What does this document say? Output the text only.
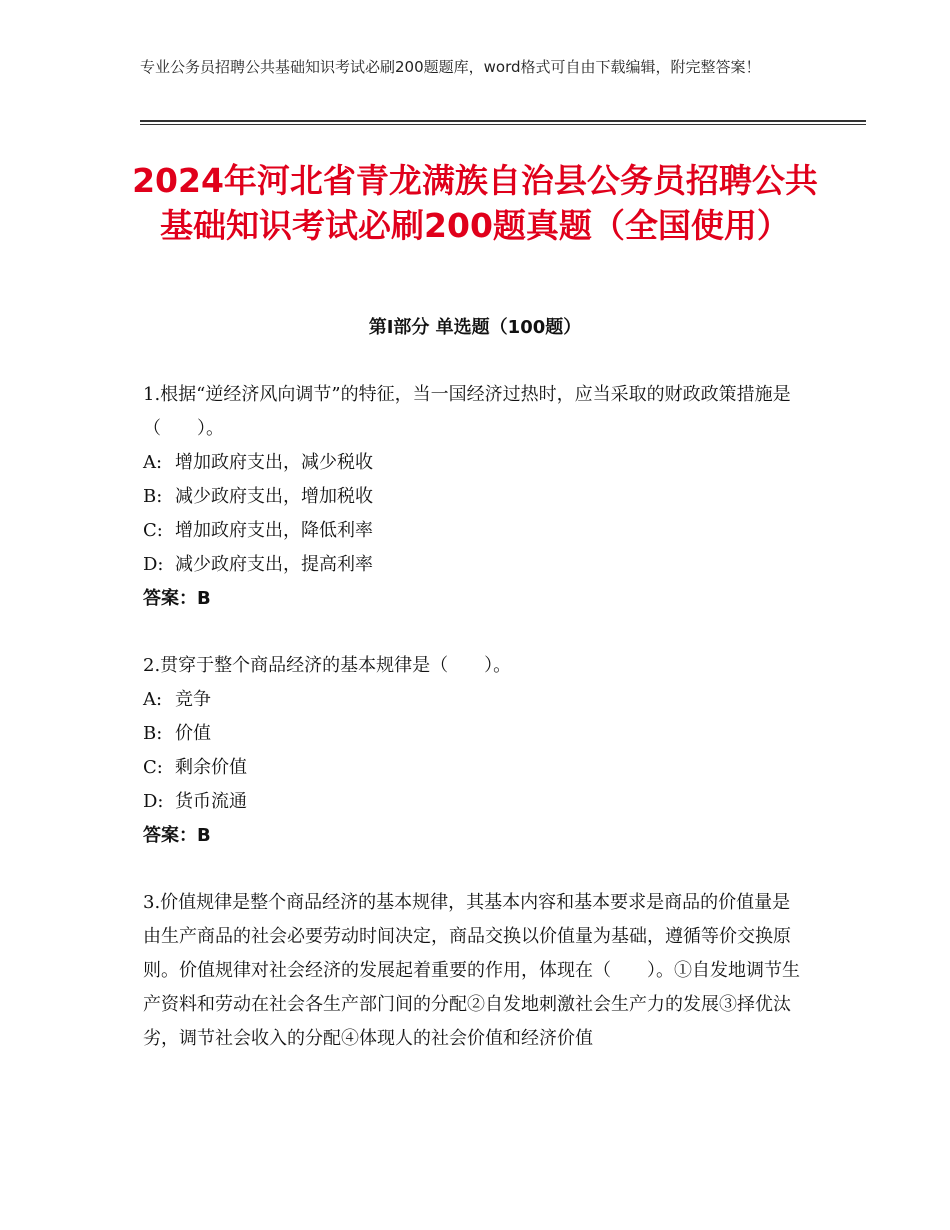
专业公务员招聘公共基础知识考试必刷200题题库，word格式可自由下载编辑，附完整答案！
2024年河北省青龙满族自治县公务员招聘公共基础知识考试必刷200题真题（全国使用）
第Ⅰ部分 单选题（100题）
1.根据“逆经济风向调节”的特征，当一国经济过热时，应当采取的财政政策措施是（　　）。
A: 增加政府支出，减少税收
B: 减少政府支出，增加税收
C: 增加政府支出，降低利率
D: 减少政府支出，提高利率
答案：B
2.贯穿于整个商品经济的基本规律是（　　）。
A: 竞争
B: 价值
C: 剩余价值
D: 货币流通
答案：B
3.价值规律是整个商品经济的基本规律，其基本内容和基本要求是商品的价值量是由生产商品的社会必要劳动时间决定，商品交换以价值量为基础，遵循等价交换原则。价值规律对社会经济的发展起着重要的作用，体现在（　　）。①自发地调节生产资料和劳动在社会各生产部门间的分配②自发地刺激社会生产力的发展③择优汰劣，调节社会收入的分配④体现人的社会价值和经济价值
